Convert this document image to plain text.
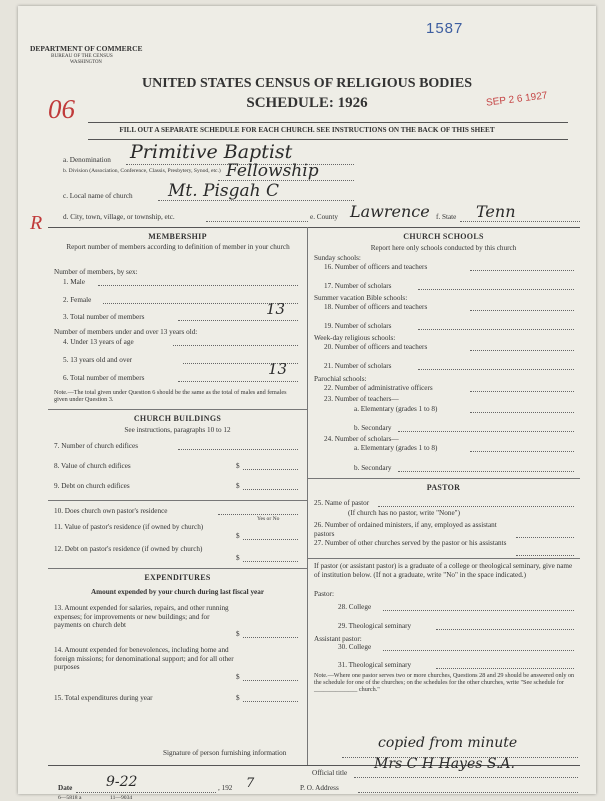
DEPARTMENT OF COMMERCE
BUREAU OF THE CENSUS
WASHINGTON
1587
06	SEP 2 6 1927
UNITED STATES CENSUS OF RELIGIOUS BODIES
SCHEDULE: 1926
FILL OUT A SEPARATE SCHEDULE FOR EACH CHURCH. SEE INSTRUCTIONS ON THE BACK OF THIS SHEET
R
a. Denomination Primitive Baptist
b. Division (Association, Conference, Classis, Presbytery, Synod, etc.) Fellowship
c. Local name of church Mt. Pisgah C
d. City, town, village, or township, etc.	e. County Lawrence f. State Tenn
MEMBERSHIP
Report number of members according to definition of member in your church
Number of members, by sex:
1. Male
2. Female
3. Total number of members	13
Number of members under and over 13 years old:
4. Under 13 years of age
5. 13 years old and over
6. Total number of members	13
Note.—The total given under Question 6 should be the same as the total of males and females given under Question 3.
CHURCH BUILDINGS
See instructions, paragraphs 10 to 12
7. Number of church edifices
8. Value of church edifices	$
9. Debt on church edifices	$
10. Does church own pastor's residence
Yes or No
11. Value of pastor's residence (if owned by church)
$
12. Debt on pastor's residence (if owned by church)
$
EXPENDITURES
Amount expended by your church during last fiscal year
13. Amount expended for salaries, repairs, and other running expenses; for improvements or new buildings; and for payments on church debt
$
14. Amount expended for benevolences, including home and foreign missions; for denominational support; and for all other purposes
$
15. Total expenditures during year	$
CHURCH SCHOOLS
Report here only schools conducted by this church
Sunday schools:
16. Number of officers and teachers
17. Number of scholars
Summer vacation Bible schools:
18. Number of officers and teachers
19. Number of scholars
Week-day religious schools:
20. Number of officers and teachers
21. Number of scholars
Parochial schools:
22. Number of administrative officers
23. Number of teachers—
a. Elementary (grades 1 to 8)
b. Secondary
24. Number of scholars—
a. Elementary (grades 1 to 8)
b. Secondary
PASTOR
25. Name of pastor
(If church has no pastor, write "None")
26. Number of ordained ministers, if any, employed as assistant pastors
27. Number of other churches served by the pastor or his assistants
If pastor (or assistant pastor) is a graduate of a college or theological seminary, give name of institution below. (If not a graduate, write "No" in the space indicated.)
Pastor:
28. College
29. Theological seminary
Assistant pastor:
30. College
31. Theological seminary
Note.—Where one pastor serves two or more churches, Questions 28 and 29 should be answered only on the schedule for one of the churches; on the schedules for the other churches, write "See schedule for ______________ church."
Signature of person furnishing information
copied from minute
Official title
Mrs C H Hayes S.A.
Date 9-22	, 192 7	P. O. Address
6—5818 a	11—9034
